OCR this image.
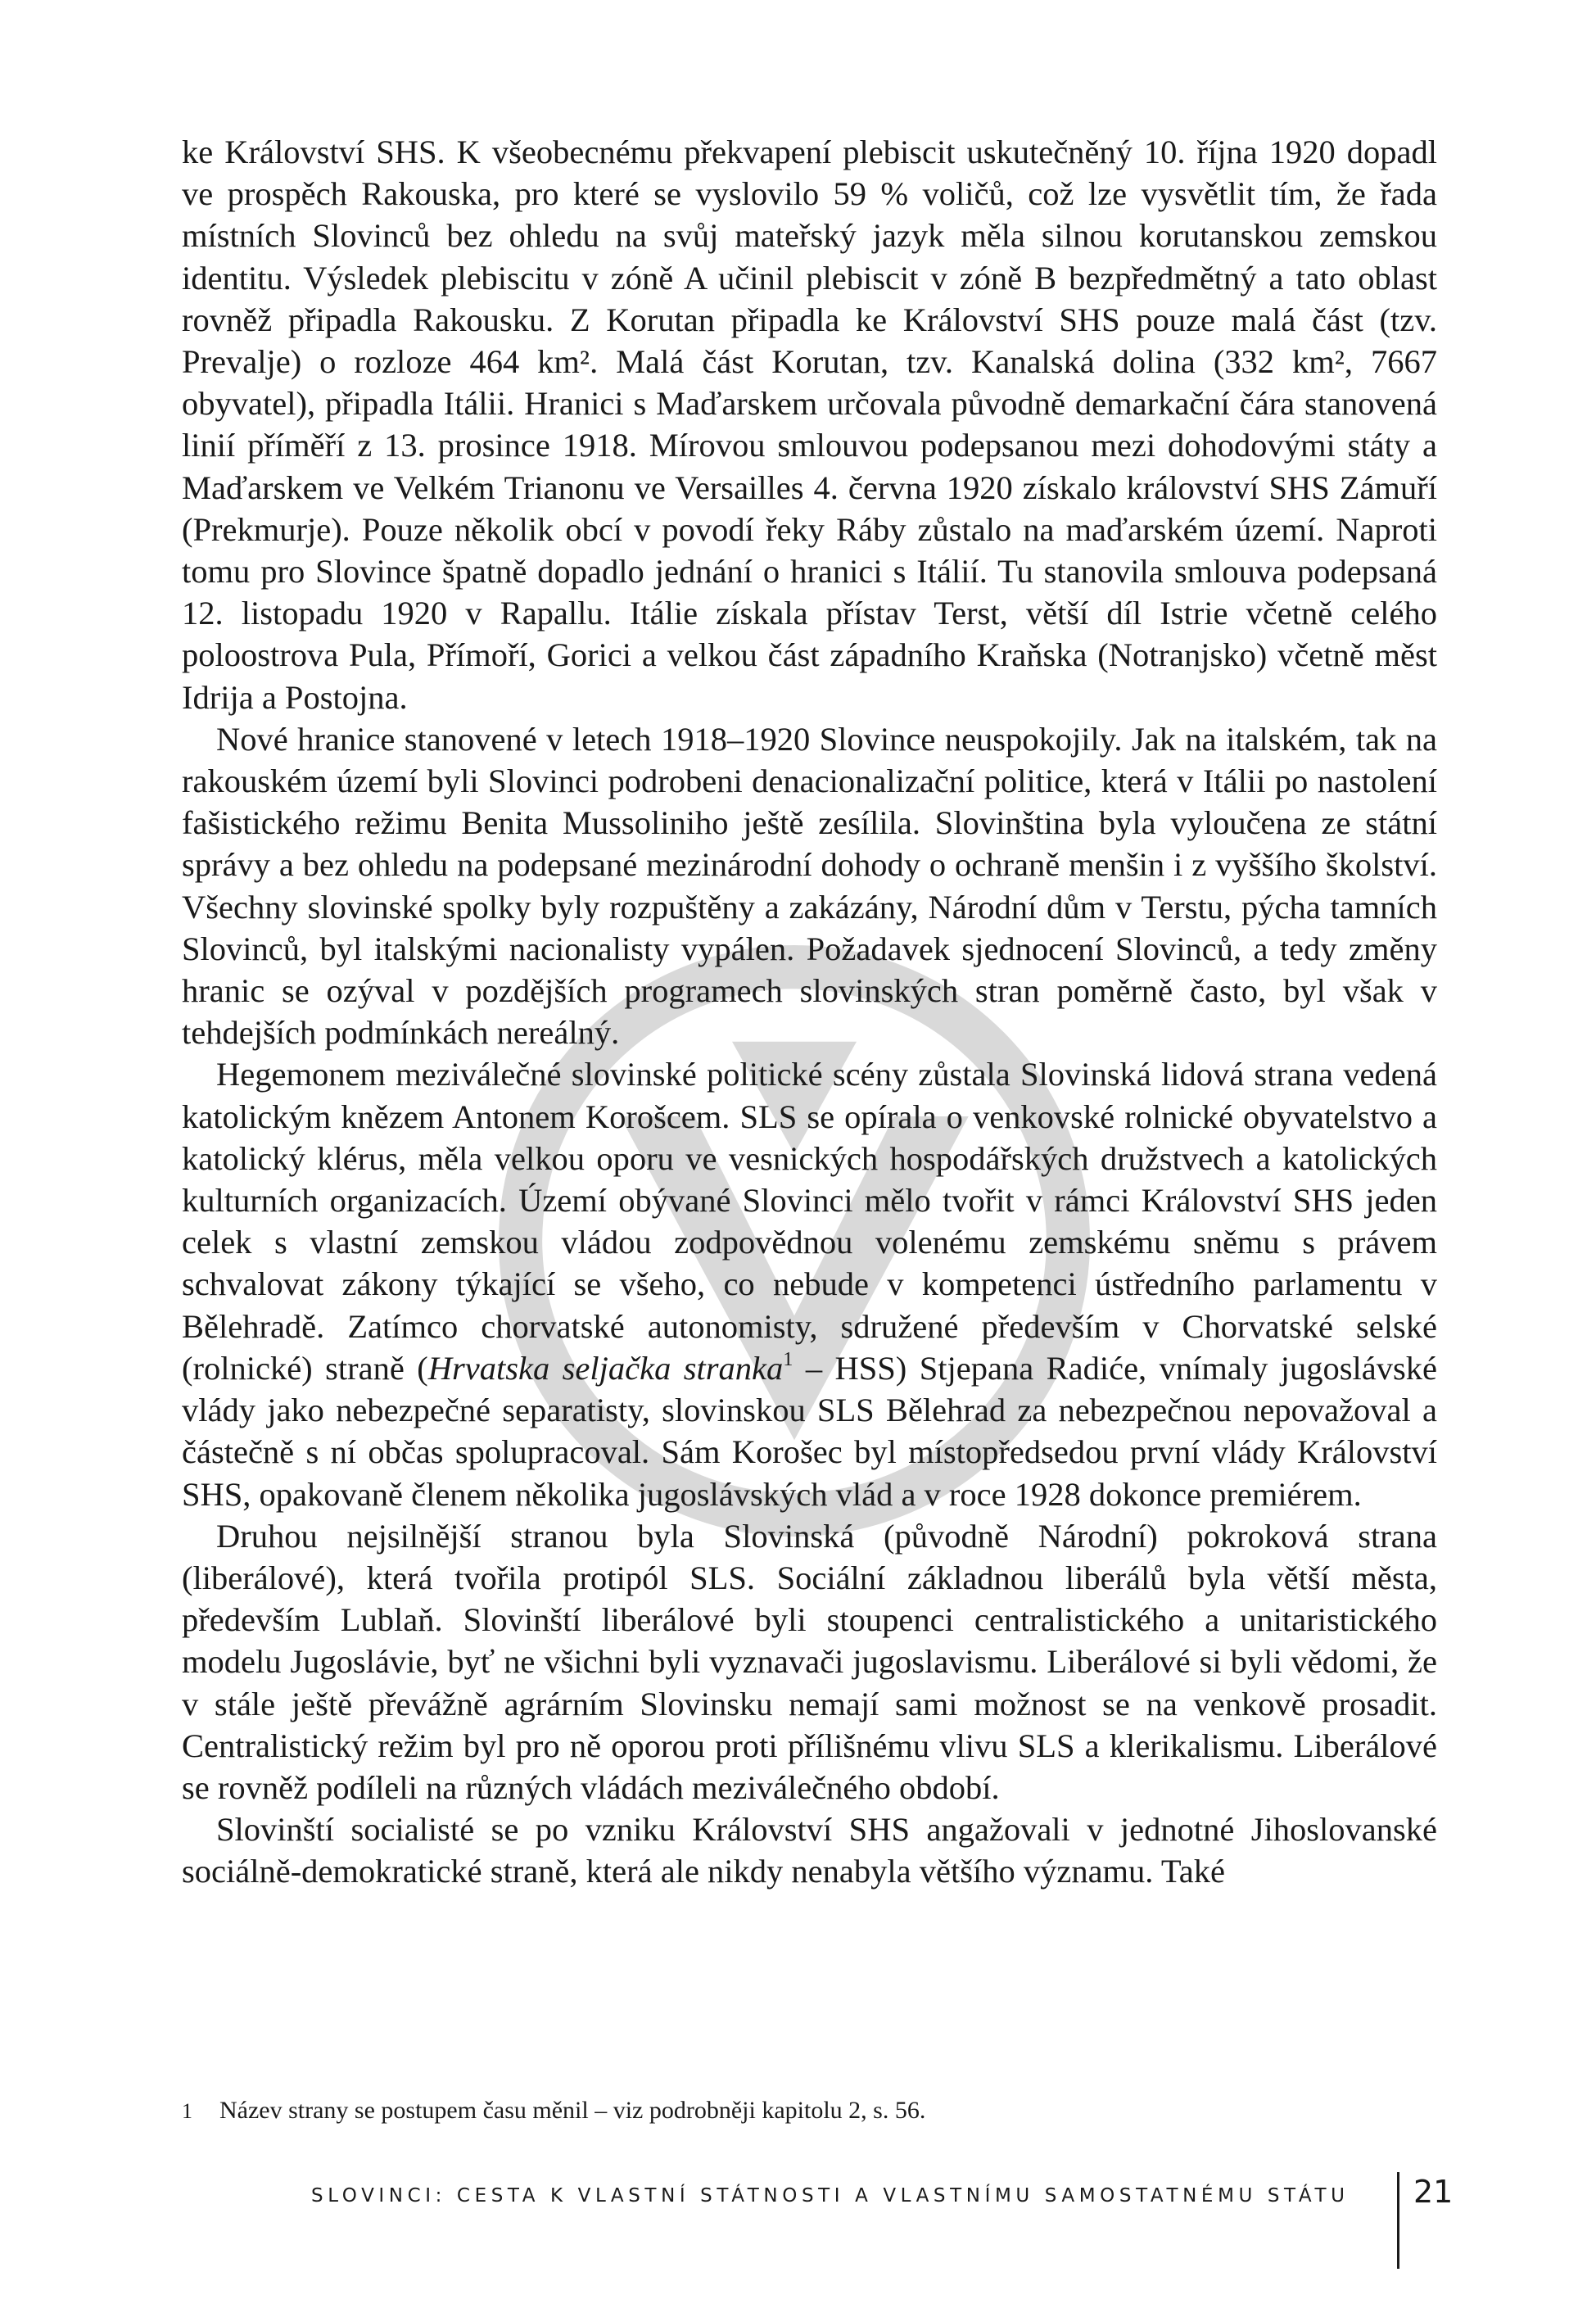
ke Království SHS. K všeobecnému překvapení plebiscit uskutečněný 10. října 1920 dopadl ve prospěch Rakouska, pro které se vyslovilo 59 % voličů, což lze vysvětlit tím, že řada místních Slovinců bez ohledu na svůj mateřský jazyk měla silnou korutanskou zemskou identitu. Výsledek plebiscitu v zóně A učinil plebiscit v zóně B bezpředmětný a tato oblast rovněž připadla Rakousku. Z Korutan připadla ke Království SHS pouze malá část (tzv. Prevalje) o rozloze 464 km². Malá část Korutan, tzv. Kanalská dolina (332 km², 7667 obyvatel), připadla Itálii. Hranici s Maďarskem určovala původně demarkační čára stanovená linií příměří z 13. prosince 1918. Mírovou smlouvou podepsanou mezi dohodovými státy a Maďarskem ve Velkém Trianonu ve Versailles 4. června 1920 získalo království SHS Zámuří (Prekmurje). Pouze několik obcí v povodí řeky Ráby zůstalo na maďarském území. Naproti tomu pro Slovince špatně dopadlo jednání o hranici s Itálií. Tu stanovila smlouva podepsaná 12. listopadu 1920 v Rapallu. Itálie získala přístav Terst, větší díl Istrie včetně celého poloostrova Pula, Přímoří, Gorici a velkou část západního Kraňska (Notranjsko) včetně měst Idrija a Postojna.

Nové hranice stanovené v letech 1918–1920 Slovince neuspokojily. Jak na italském, tak na rakouském území byli Slovinci podrobeni denacionalizační politice, která v Itálii po nastolení fašistického režimu Benita Mussoliniho ještě zesílila. Slovinština byla vyloučena ze státní správy a bez ohledu na podepsané mezinárodní dohody o ochraně menšin i z vyššího školství. Všechny slovinské spolky byly rozpuštěny a zakázány, Národní dům v Terstu, pýcha tamních Slovinců, byl italskými nacionalisty vypálen. Požadavek sjednocení Slovinců, a tedy změny hranic se ozýval v pozdějších programech slovinských stran poměrně často, byl však v tehdejších podmínkách nereálný.

Hegemonem meziválečné slovinské politické scény zůstala Slovinská lidová strana vedená katolickým knězem Antonem Korošcem. SLS se opírala o venkovské rolnické obyvatelstvo a katolický klérus, měla velkou oporu ve vesnických hospodářských družstvech a katolických kulturních organizacích. Území obývané Slovinci mělo tvořit v rámci Království SHS jeden celek s vlastní zemskou vládou zodpovědnou volenému zemskému sněmu s právem schvalovat zákony týkající se všeho, co nebude v kompetenci ústředního parlamentu v Bělehradě. Zatímco chorvatské autonomisty, sdružené především v Chorvatské selské (rolnické) straně (Hrvatska seljačka stranka$^1$ – HSS) Stjepana Radiće, vnímaly jugoslávské vlády jako nebezpečné separatisty, slovinskou SLS Bělehrad za nebezpečnou nepovažoval a částečně s ní občas spolupracoval. Sám Korošec byl místopředsedou první vlády Království SHS, opakovaně členem několika jugoslávských vlád a v roce 1928 dokonce premiérem.

Druhou nejsilnější stranou byla Slovinská (původně Národní) pokroková strana (liberálové), která tvořila protipól SLS. Sociální základnou liberálů byla větší města, především Lublaň. Slovinští liberálové byli stoupenci centralistického a unitaristického modelu Jugoslávie, byť ne všichni byli vyznavači jugoslavismu. Liberálové si byli vědomi, že v stále ještě převážně agrárním Slovinsku nemají sami možnost se na venkově prosadit. Centralistický režim byl pro ně oporou proti přílišnému vlivu SLS a klerikalismu. Liberálové se rovněž podíleli na různých vládách meziválečného období.

Slovinští socialisté se po vzniku Království SHS angažovali v jednotné Jihoslovanské sociálně-demokratické straně, která ale nikdy nenabyla většího významu. Také

1 Název strany se postupem času měnil – viz podrobněji kapitolu 2, s. 56.

SLOVINCI: CESTA K VLASTNÍ STÁTNOSTI A VLASTNÍMU SAMOSTATNÉMU STÁTU 21
